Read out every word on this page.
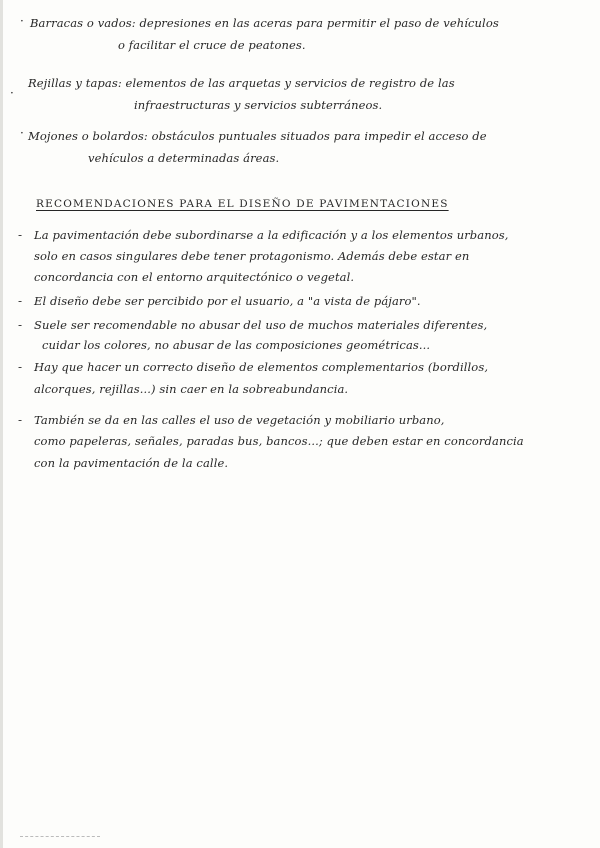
· Barracas o vados: depresiones en las aceras para permitir el paso de vehículos
o facilitar el cruce de peatones.
·
Rejillas y tapas: elementos de las arquetas y servicios de registro de las
infraestructuras y servicios subterráneos.
· Mojones o bolardos: obstáculos puntuales situados para impedir el acceso de
vehículos a determinadas áreas.
RECOMENDACIONES PARA EL DISEÑO DE PAVIMENTACIONES
- La pavimentación debe subordinarse a la edificación y a los elementos urbanos,
solo en casos singulares debe tener protagonismo. Además debe estar en
concordancia con el entorno arquitectónico o vegetal.
- El diseño debe ser percibido por el usuario, a "a vista de pájaro".
- Suele ser recomendable no abusar del uso de muchos materiales diferentes,
cuidar los colores, no abusar de las composiciones geométricas...
- Hay que hacer un correcto diseño de elementos complementarios (bordillos,
alcorques, rejillas...) sin caer en la sobreabundancia.
- También se da en las calles el uso de vegetación y mobiliario urbano,
como papeleras, señales, paradas bus, bancos...; que deben estar en concordancia
con la pavimentación de la calle.
